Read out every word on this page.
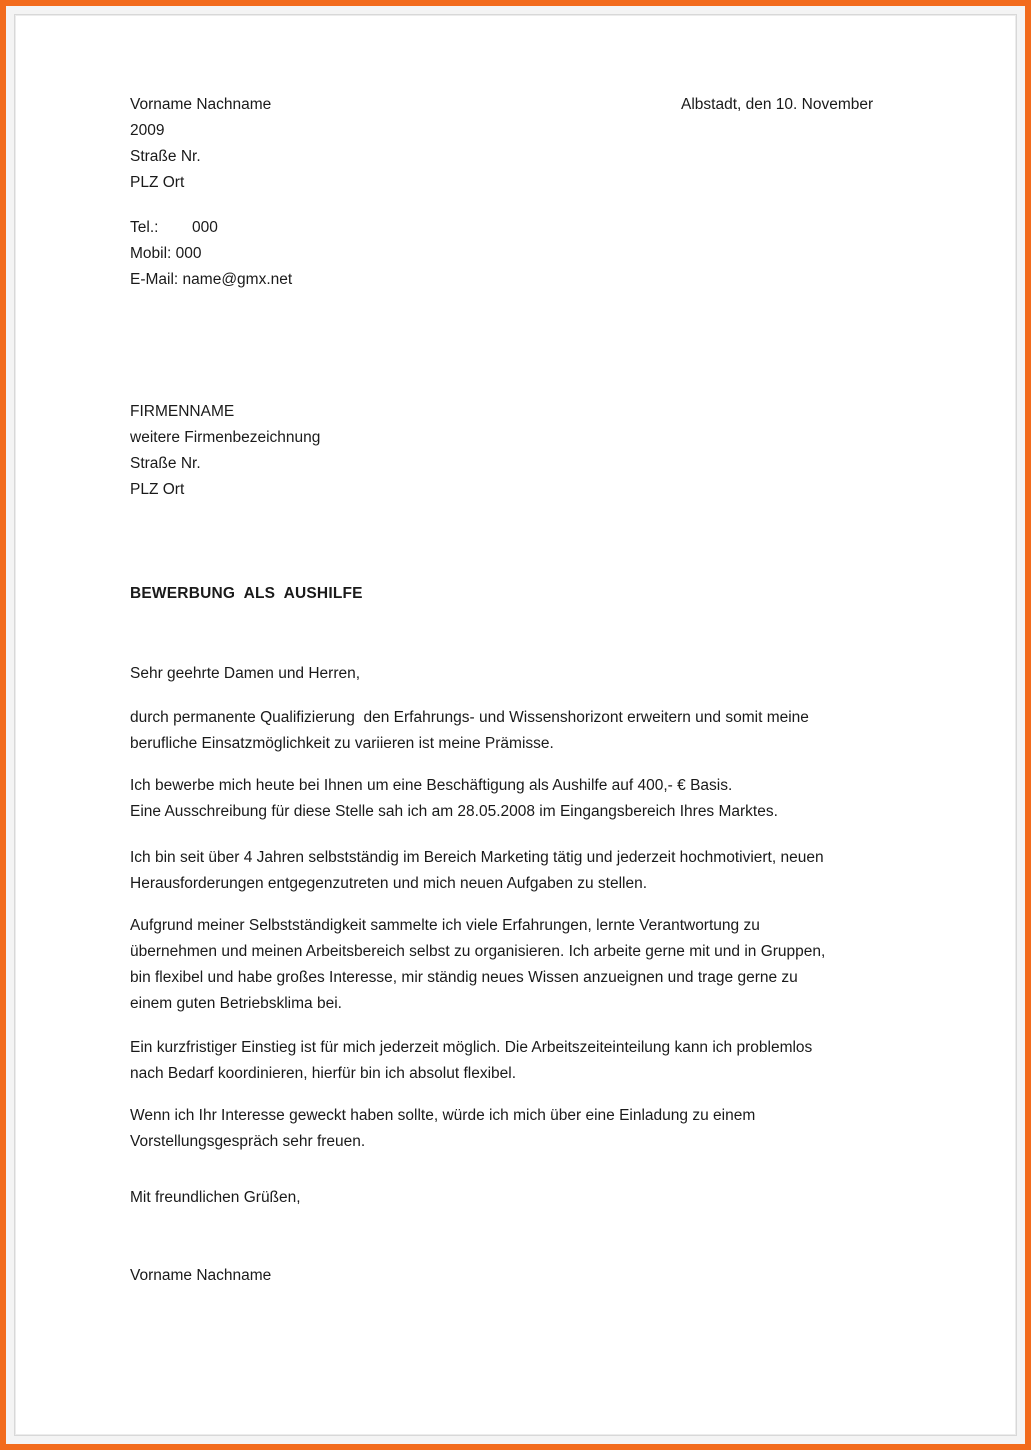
Vorname Nachname
2009
Straße Nr.
PLZ Ort
Albstadt, den 10. November
Tel.: 000
Mobil: 000
E-Mail: name@gmx.net
FIRMENNAME
weitere Firmenbezeichnung
Straße Nr.
PLZ Ort
BEWERBUNG  ALS  AUSHILFE
Sehr geehrte Damen und Herren,
durch permanente Qualifizierung  den Erfahrungs- und Wissenshorizont erweitern und somit meine
berufliche Einsatzmöglichkeit zu variieren ist meine Prämisse.
Ich bewerbe mich heute bei Ihnen um eine Beschäftigung als Aushilfe auf 400,- € Basis.
Eine Ausschreibung für diese Stelle sah ich am 28.05.2008 im Eingangsbereich Ihres Marktes.
Ich bin seit über 4 Jahren selbstständig im Bereich Marketing tätig und jederzeit hochmotiviert, neuen
Herausforderungen entgegenzutreten und mich neuen Aufgaben zu stellen.
Aufgrund meiner Selbstständigkeit sammelte ich viele Erfahrungen, lernte Verantwortung zu
übernehmen und meinen Arbeitsbereich selbst zu organisieren. Ich arbeite gerne mit und in Gruppen,
bin flexibel und habe großes Interesse, mir ständig neues Wissen anzueignen und trage gerne zu
einem guten Betriebsklima bei.
Ein kurzfristiger Einstieg ist für mich jederzeit möglich. Die Arbeitszeiteinteilung kann ich problemlos
nach Bedarf koordinieren, hierfür bin ich absolut flexibel.
Wenn ich Ihr Interesse geweckt haben sollte, würde ich mich über eine Einladung zu einem
Vorstellungsgespräch sehr freuen.
Mit freundlichen Grüßen,
Vorname Nachname
